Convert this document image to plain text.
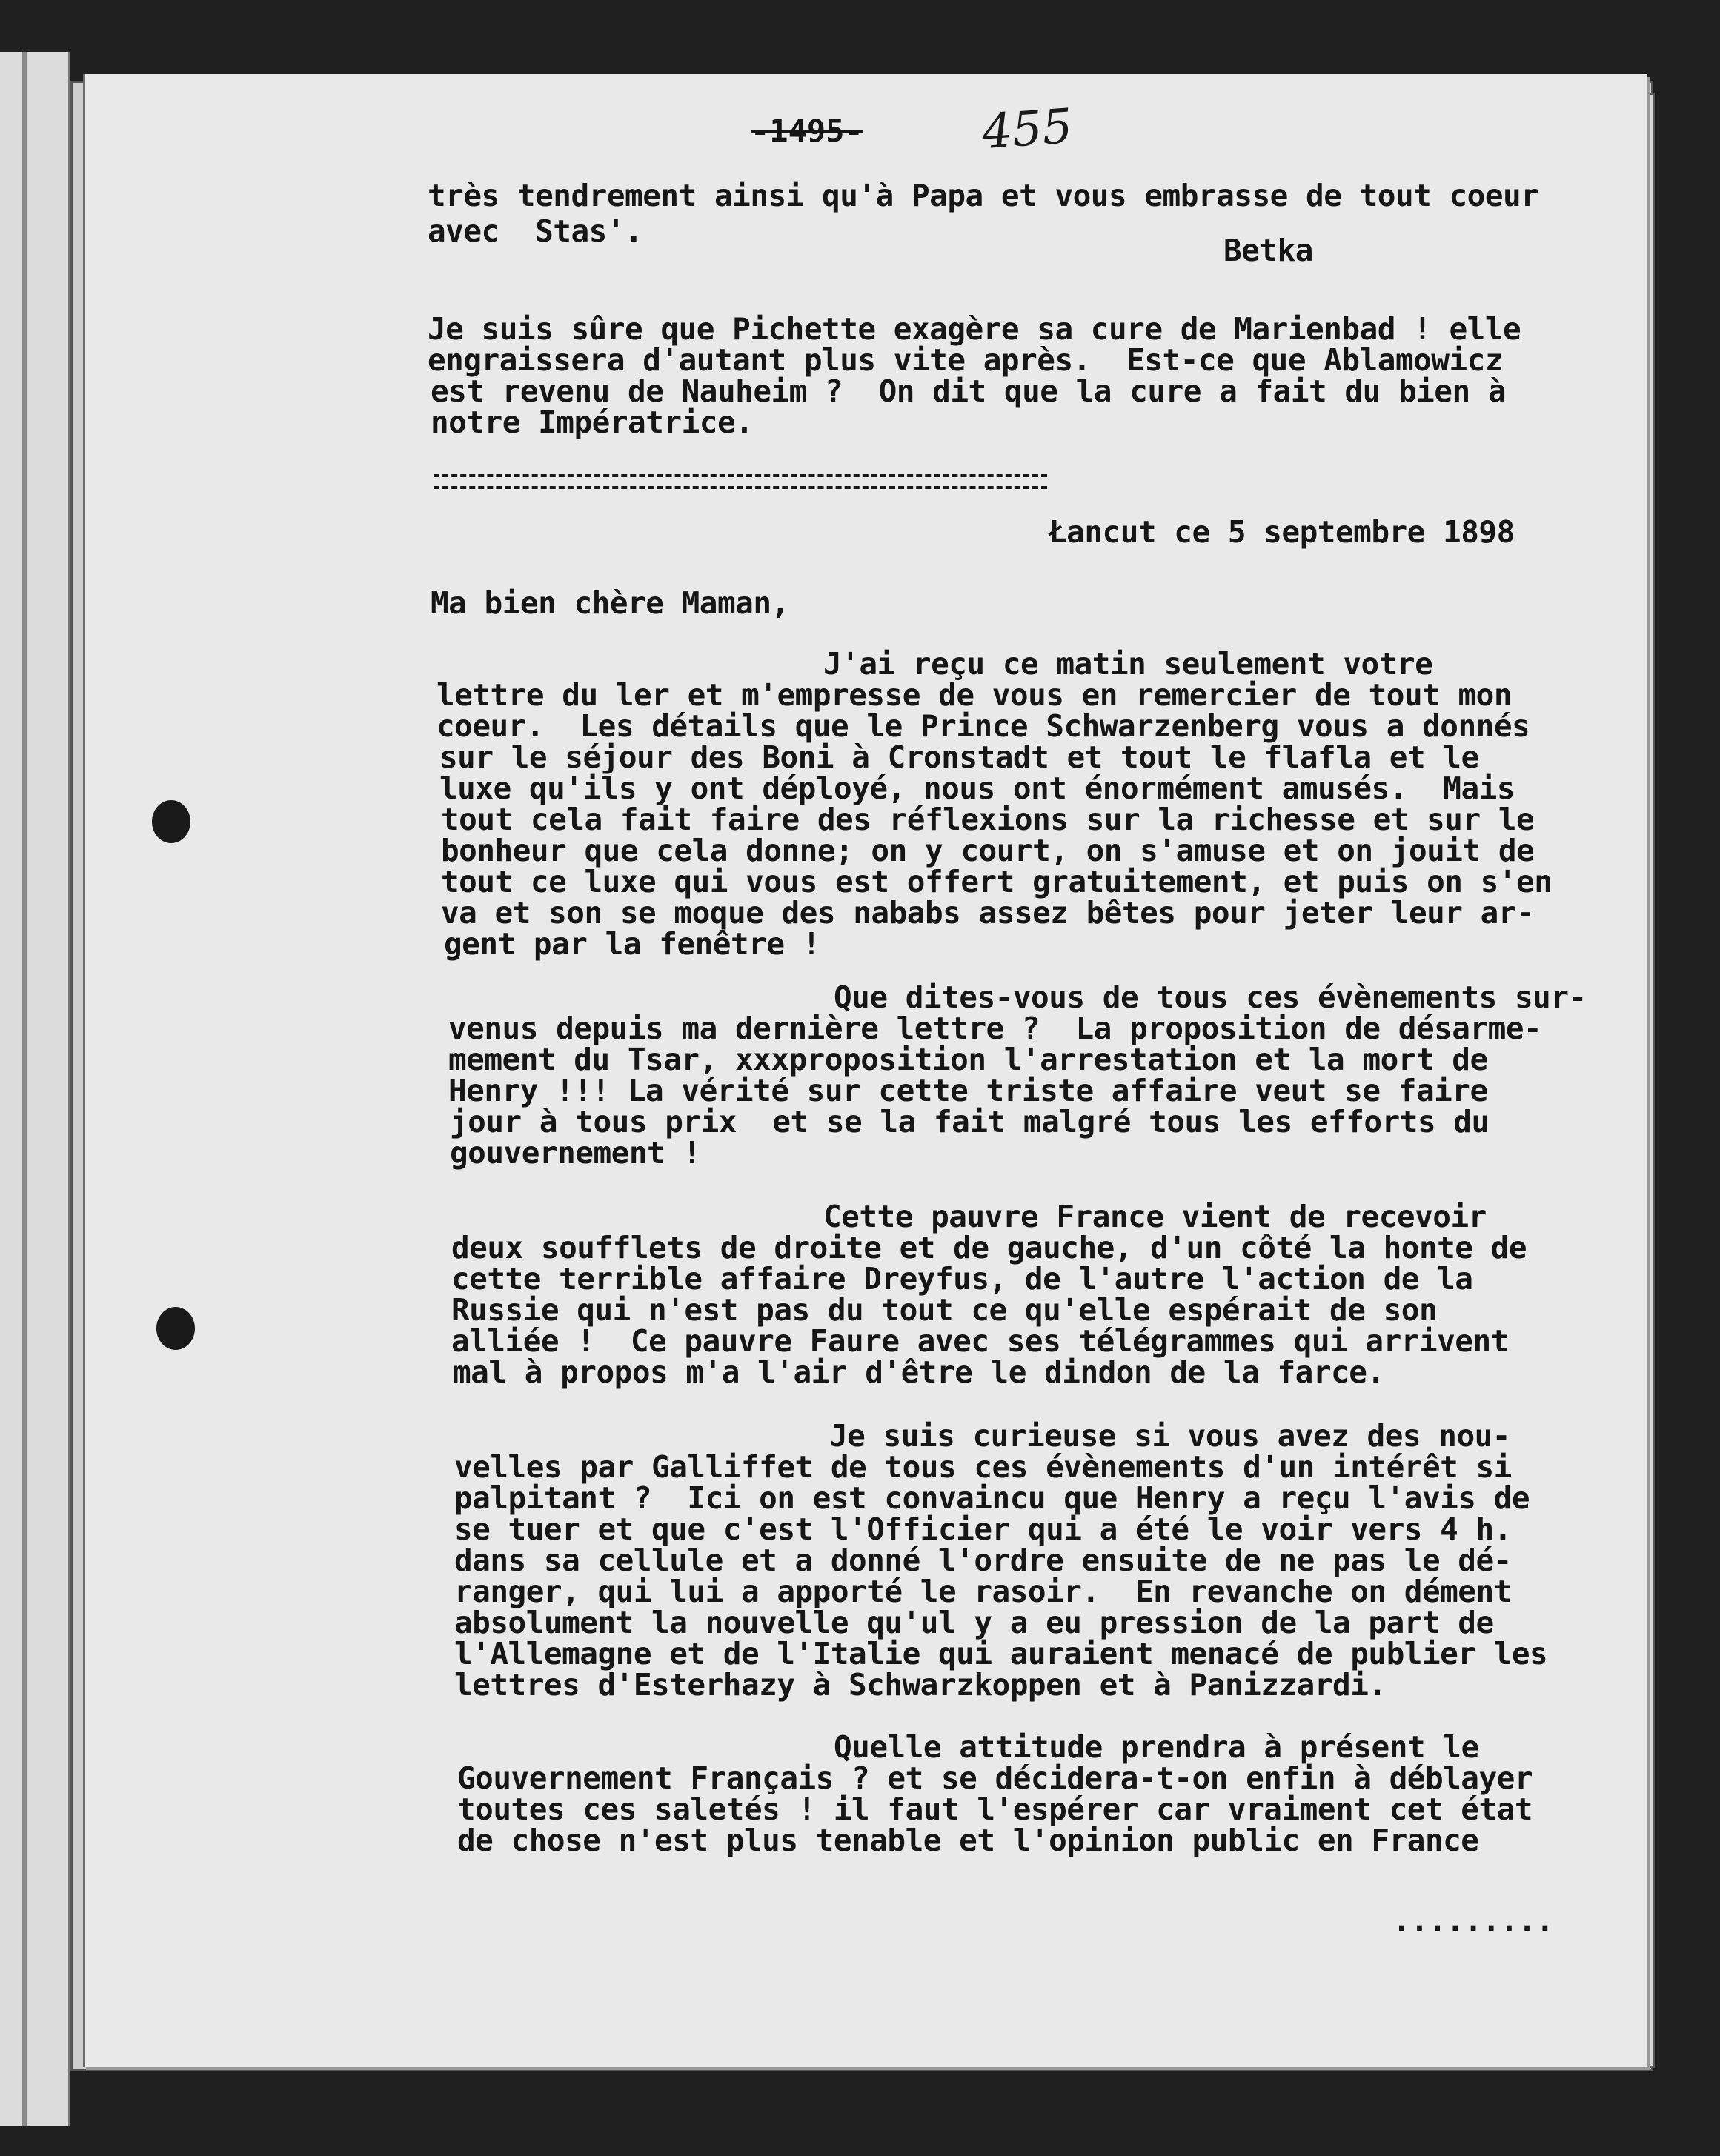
-1495- 455
très tendrement ainsi qu'à Papa et vous embrasse de tout coeur
avec  Stas'.
Betka
Je suis sûre que Pichette exagère sa cure de Marienbad ! elle
engraissera d'autant plus vite après.  Est-ce que Ablamowicz
est revenu de Nauheim ?  On dit que la cure a fait du bien à
notre Impératrice.
Łancut ce 5 septembre 1898
Ma bien chère Maman,
J'ai reçu ce matin seulement votre
lettre du ler et m'empresse de vous en remercier de tout mon
coeur.  Les détails que le Prince Schwarzenberg vous a donnés
sur le séjour des Boni à Cronstadt et tout le flafla et le
luxe qu'ils y ont déployé, nous ont énormément amusés.  Mais
tout cela fait faire des réflexions sur la richesse et sur le
bonheur que cela donne; on y court, on s'amuse et on jouit de
tout ce luxe qui vous est offert gratuitement, et puis on s'en
va et son se moque des nababs assez bêtes pour jeter leur ar-
gent par la fenêtre !
Que dites-vous de tous ces évènements sur-
venus depuis ma dernière lettre ?  La proposition de désarme-
mement du Tsar, xxxproposition l'arrestation et la mort de
Henry !!! La vérité sur cette triste affaire veut se faire
jour à tous prix  et se la fait malgré tous les efforts du
gouvernement !
Cette pauvre France vient de recevoir
deux soufflets de droite et de gauche, d'un côté la honte de
cette terrible affaire Dreyfus, de l'autre l'action de la
Russie qui n'est pas du tout ce qu'elle espérait de son
alliée !  Ce pauvre Faure avec ses télégrammes qui arrivent
mal à propos m'a l'air d'être le dindon de la farce.
Je suis curieuse si vous avez des nou-
velles par Galliffet de tous ces évènements d'un intérêt si
palpitant ?  Ici on est convaincu que Henry a reçu l'avis de
se tuer et que c'est l'Officier qui a été le voir vers 4 h.
dans sa cellule et a donné l'ordre ensuite de ne pas le dé-
ranger, qui lui a apporté le rasoir.  En revanche on dément
absolument la nouvelle qu'ul y a eu pression de la part de
l'Allemagne et de l'Italie qui auraient menacé de publier les
lettres d'Esterhazy à Schwarzkoppen et à Panizzardi.
Quelle attitude prendra à présent le
Gouvernement Français ? et se décidera-t-on enfin à déblayer
toutes ces saletés ! il faut l'espérer car vraiment cet état
de chose n'est plus tenable et l'opinion public en France
.........
